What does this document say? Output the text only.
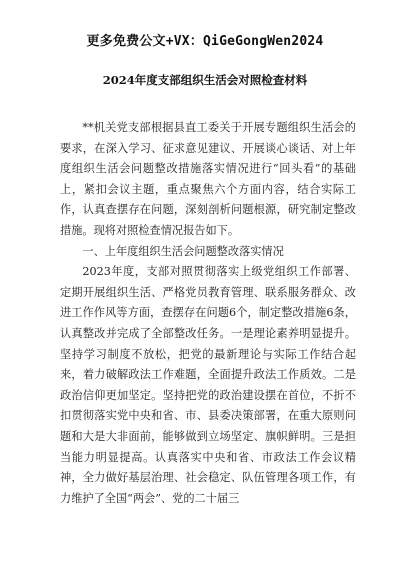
更多免费公文+VX：QiGeGongWen2024
2024年度支部组织生活会对照检查材料

**机关党支部根据县直工委关于开展专题组织生活会的要求，在深入学习、征求意见建议、开展谈心谈话、对上年度组织生活会问题整改措施落实情况进行“回头看”的基础上，紧扣会议主题，重点聚焦六个方面内容，结合实际工作，认真查摆存在问题，深刻剖析问题根源，研究制定整改措施。现将对照检查情况报告如下。

一、上年度组织生活会问题整改落实情况

2023年度，支部对照贯彻落实上级党组织工作部署、定期开展组织生活、严格党员教育管理、联系服务群众、改进工作作风等方面，查摆存在问题6个，制定整改措施6条，认真整改并完成了全部整改任务。一是理论素养明显提升。坚持学习制度不放松，把党的最新理论与实际工作结合起来，着力破解政法工作难题，全面提升政法工作质效。二是政治信仰更加坚定。坚持把党的政治建设摆在首位，不折不扣贯彻落实党中央和省、市、县委决策部署，在重大原则问题和大是大非面前，能够做到立场坚定、旗帜鲜明。三是担当能力明显提高。认真落实中央和省、市政法工作会议精神，全力做好基层治理、社会稳定、队伍管理各项工作，有力维护了全国“两会”、党的二十届三
